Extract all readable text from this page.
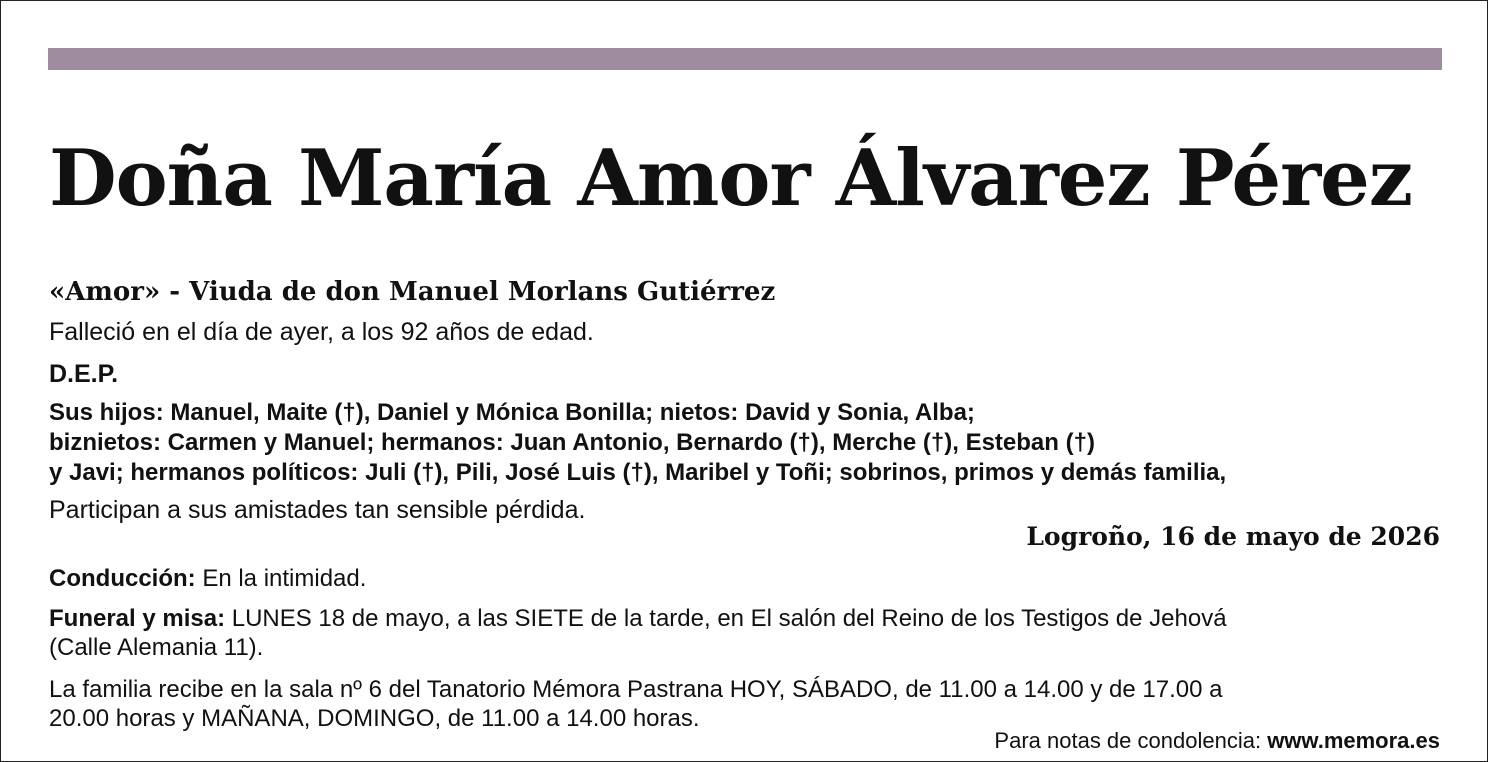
Doña María Amor Álvarez Pérez

«Amor» - Viuda de don Manuel Morlans Gutiérrez

Falleció en el día de ayer, a los 92 años de edad.

D.E.P.

Sus hijos: Manuel, Maite (†), Daniel y Mónica Bonilla; nietos: David y Sonia, Alba;
biznietos: Carmen y Manuel; hermanos: Juan Antonio, Bernardo (†), Merche (†), Esteban (†)
y Javi; hermanos políticos: Juli (†), Pili, José Luis (†), Maribel y Toñi; sobrinos, primos y demás familia,

Participan a sus amistades tan sensible pérdida.

Logroño, 16 de mayo de 2026

Conducción: En la intimidad.

Funeral y misa: LUNES 18 de mayo, a las SIETE de la tarde, en El salón del Reino de los Testigos de Jehová
(Calle Alemania 11).

La familia recibe en la sala nº 6 del Tanatorio Mémora Pastrana HOY, SÁBADO, de 11.00 a 14.00 y de 17.00 a
20.00 horas y MAÑANA, DOMINGO, de 11.00 a 14.00 horas.

Para notas de condolencia: www.memora.es
